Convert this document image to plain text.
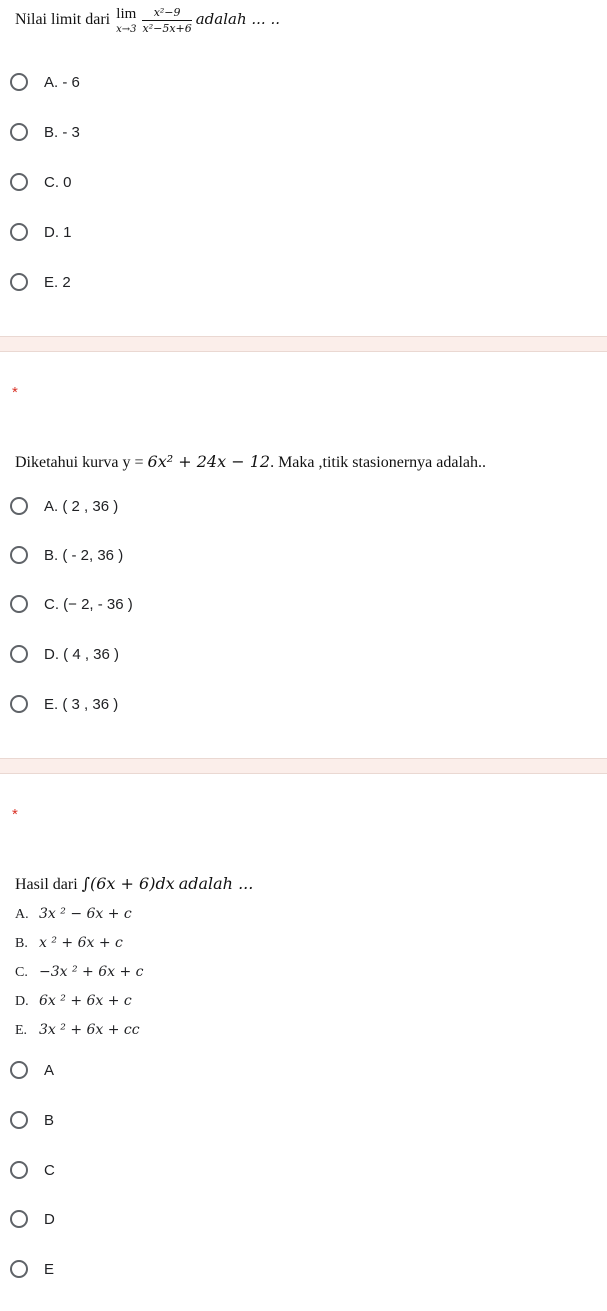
Nilai limit dari lim
x→3
$\frac{\text{x²−9}}{\text{x²−5x+6}}$ adalah ... ..
A. - 6
B. - 3
C. 0
D. 1
E. 2
*
Diketahui kurva y = 6x² + 24x − 12. Maka ,titik stasionernya adalah..
A. ( 2 , 36 )
B. ( - 2, 36 )
C. (− 2, - 36 )
D. ( 4 , 36 )
E. ( 3 , 36 )
*
Hasil dari ∫(6x + 6)dx adalah ...
A. 3x ² − 6x + c
B. x ² + 6x + c
C. −3x ² + 6x + c
D. 6x ² + 6x + c
E. 3x ² + 6x + cc
A
B
C
D
E
